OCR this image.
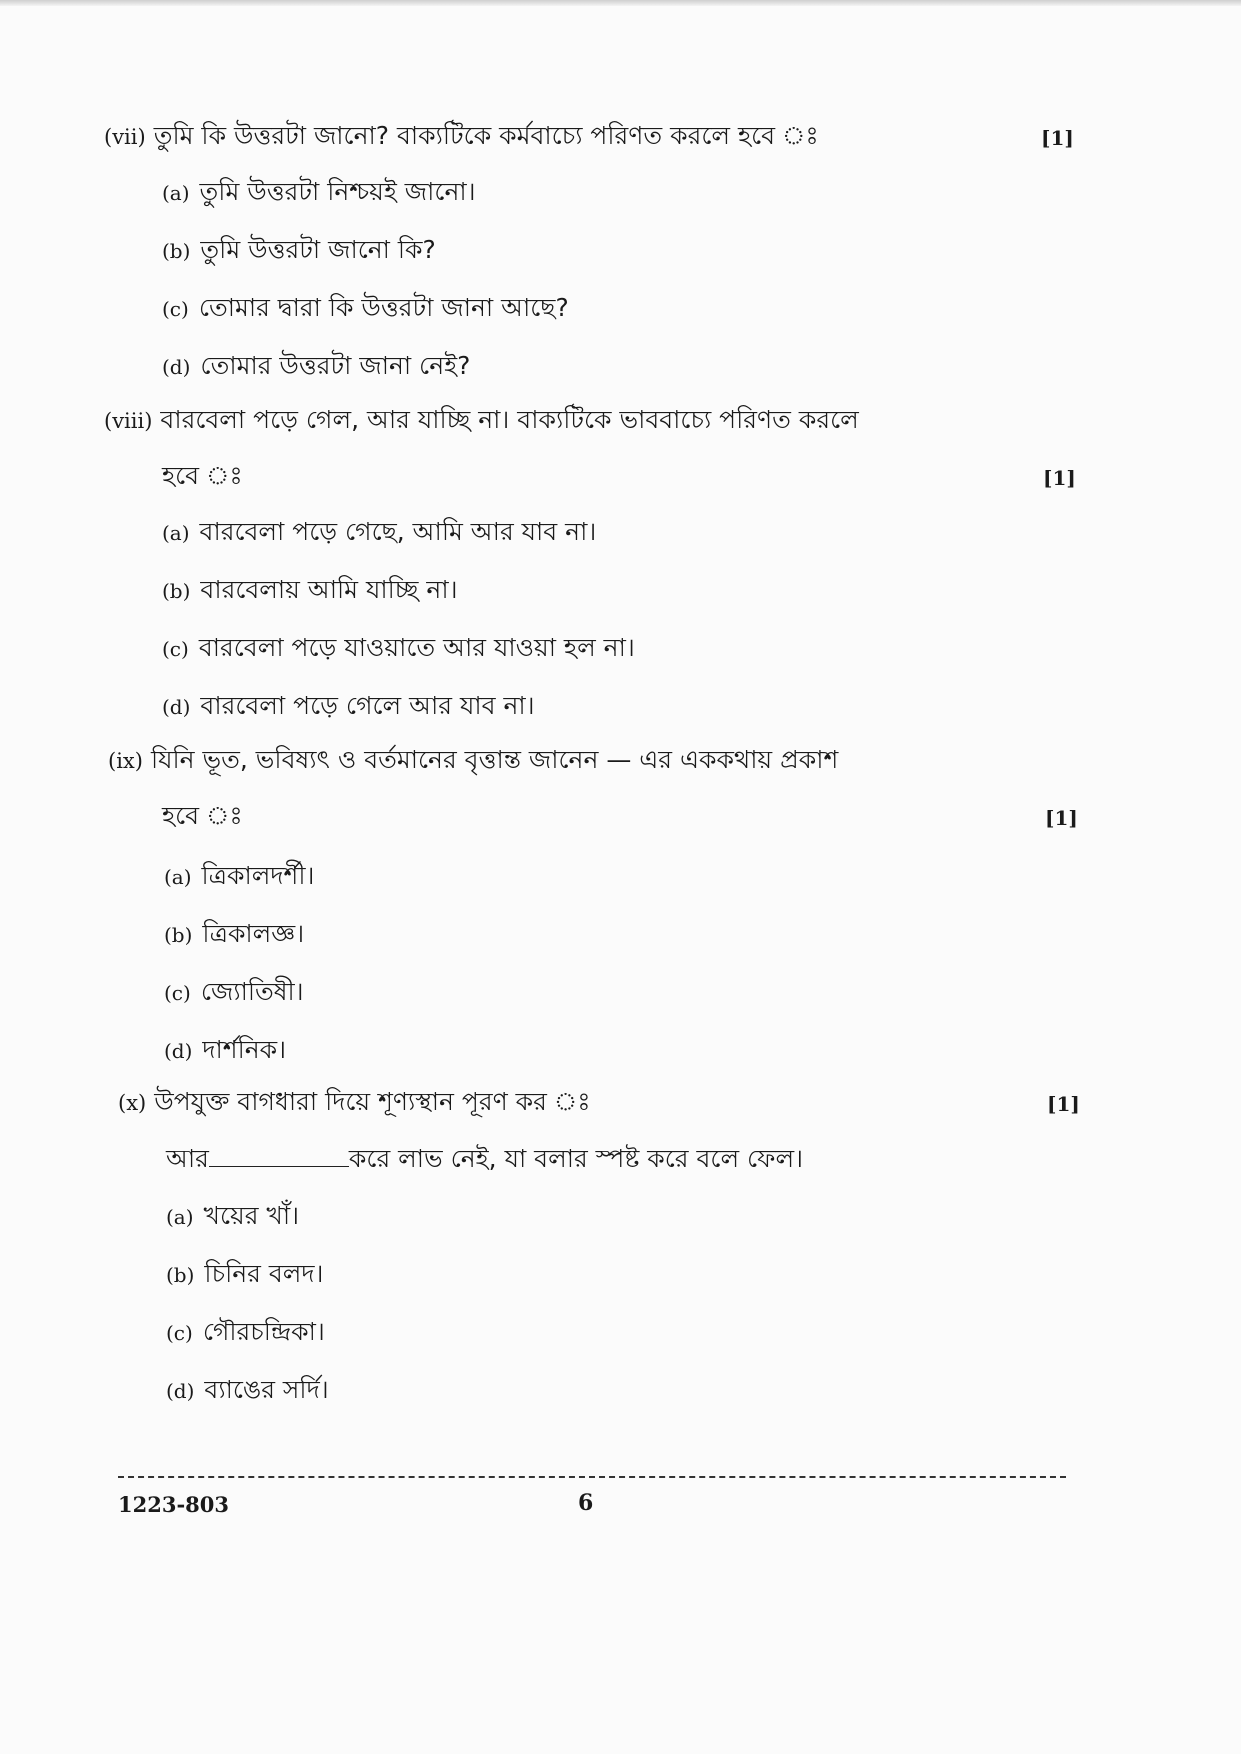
(vii) তুমি কি উত্তরটা জানো? বাক্যটিকে কর্মবাচ্যে পরিণত করলে হবে ঃ	[1]
(a) তুমি উত্তরটা নিশ্চয়ই জানো।
(b) তুমি উত্তরটা জানো কি?
(c) তোমার দ্বারা কি উত্তরটা জানা আছে?
(d) তোমার উত্তরটা জানা নেই?
(viii) বারবেলা পড়ে গেল, আর যাচ্ছি না। বাক্যটিকে ভাববাচ্যে পরিণত করলে
হবে ঃ	[1]
(a) বারবেলা পড়ে গেছে, আমি আর যাব না।
(b) বারবেলায় আমি যাচ্ছি না।
(c) বারবেলা পড়ে যাওয়াতে আর যাওয়া হল না।
(d) বারবেলা পড়ে গেলে আর যাব না।
(ix) যিনি ভূত, ভবিষ্যৎ ও বর্তমানের বৃত্তান্ত জানেন — এর এককথায় প্রকাশ
হবে ঃ	[1]
(a) ত্রিকালদর্শী।
(b) ত্রিকালজ্ঞ।
(c) জ্যোতিষী।
(d) দার্শনিক।
(x) উপযুক্ত বাগধারা দিয়ে শূণ্যস্থান পূরণ কর ঃ	[1]
আর	করে লাভ নেই, যা বলার স্পষ্ট করে বলে ফেল।
(a) খয়ের খাঁ।
(b) চিনির বলদ।
(c) গৌরচন্দ্রিকা।
(d) ব্যাঙের সর্দি।
1223-803	6
